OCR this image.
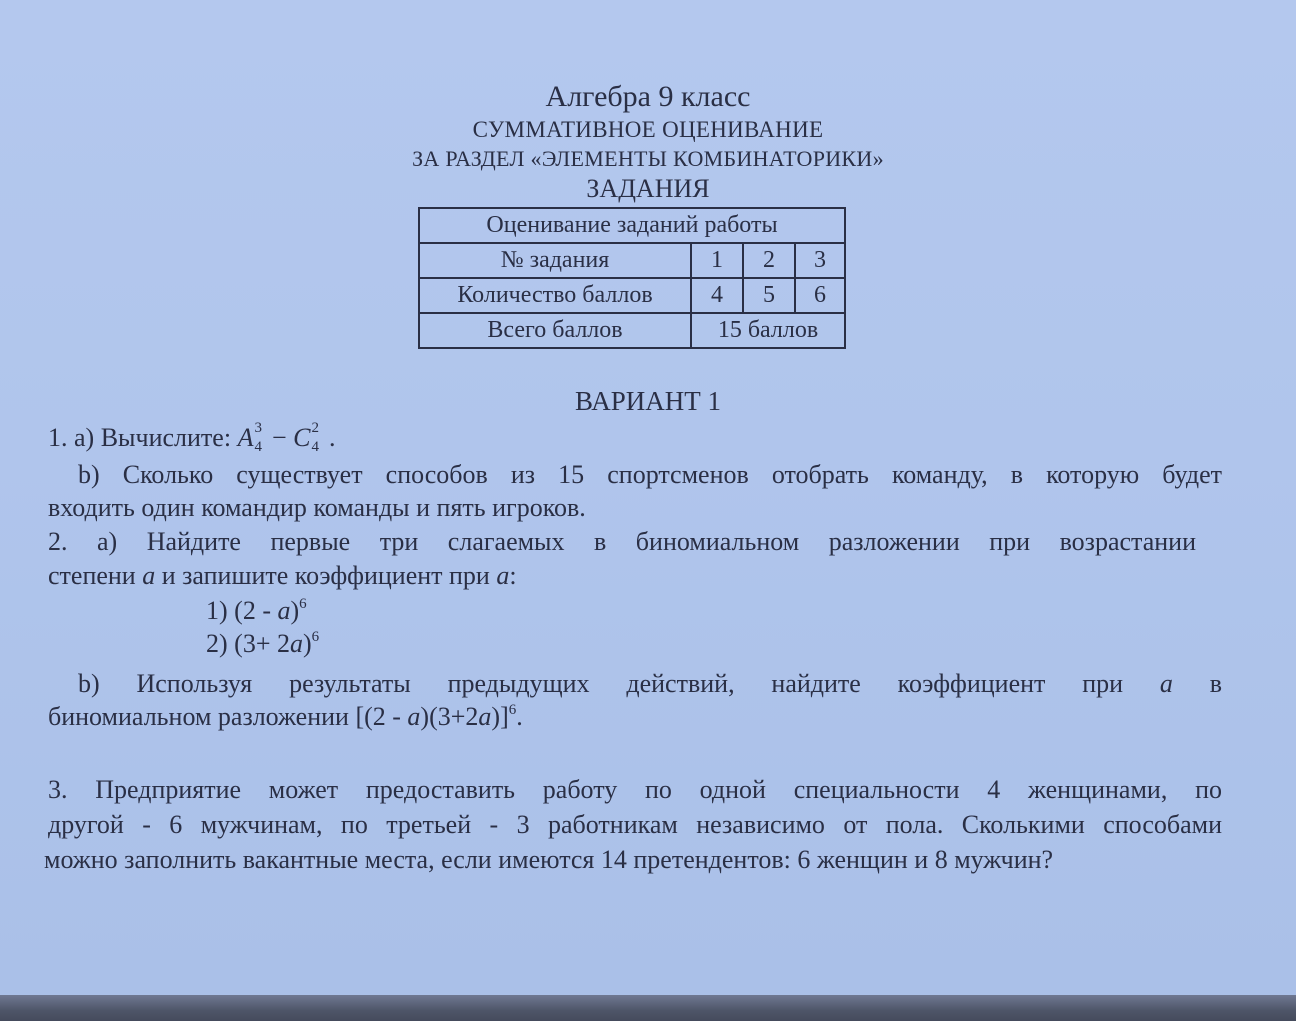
Алгебра 9 класс
СУММАТИВНОЕ ОЦЕНИВАНИЕ
ЗА РАЗДЕЛ «ЭЛЕМЕНТЫ КОМБИНАТОРИКИ»
ЗАДАНИЯ
Оценивание заданий работы			
№ задания	1	2	3
Количество баллов	4	5	6
Всего баллов	15 баллов		
ВАРИАНТ 1
1. а) Вычислите: A 3
4 − C 2
4 .
b) Сколько существует способов из 15 спортсменов отобрать команду, в которую будет
входить один командир команды и пять игроков.
2. а) Найдите первые три слагаемых в биномиальном разложении при возрастании
степени a и запишите коэффициент при a:
1) (2 - a)$^6$
2) $(3+ 2a)^6$
b) Используя результаты предыдущих действий, найдите коэффициент при a в
биномиальном разложении $[(2 - a)(3+2a)]^6$.
3. Предприятие может предоставить работу по одной специальности 4 женщинами, по
другой - 6 мужчинам, по третьей - 3 работникам независимо от пола. Сколькими способами
можно заполнить вакантные места, если имеются 14 претендентов: 6 женщин и 8 мужчин?
